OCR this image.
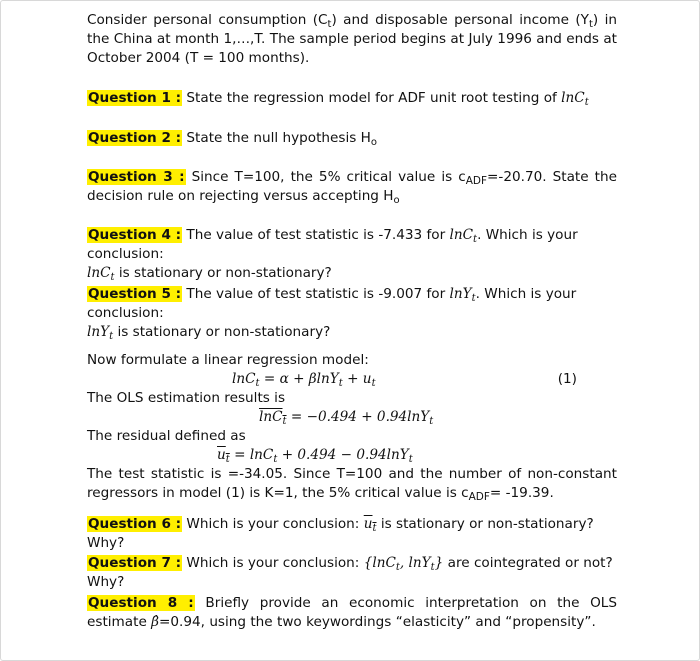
Consider personal consumption $(C_t)$ and disposable personal income $(Y_t)$ in the China at month 1,…,T. The sample period begins at July 1996 and ends at October 2004 (T = 100 months).

Question 1 : State the regression model for ADF unit root testing of lnC$_t$

Question 2 : State the null hypothesis $H_o$

Question 3 : Since T=100, the 5% critical value is $c_{ADF}=-20.70$. State the decision rule on rejecting versus accepting $H_o$

Question 4 : The value of test statistic is -7.433 for lnC$_t$. Which is your conclusion:
lnC$_t$ is stationary or non-stationary?

Question 5 : The value of test statistic is -9.007 for lnY$_t$. Which is your conclusion:
lnY$_t$ is stationary or non-stationary?

Now formulate a linear regression model:

$\ln C_t = \alpha + \beta\ln Y_t + u_t$	(1)

The OLS estimation results is

lnC$_t$ = −0.494 + 0.94lnY$_t$

The residual defined as

$u_t = \ln C_t + 0.494 - 0.94\ln Y_t$

The test statistic is =-34.05. Since T=100 and the number of non-constant regressors in model (1) is K=1, the 5% critical value is $c_{ADF}= -19.39$.

Question 6 : Which is your conclusion: $u_t$ is stationary or non-stationary? Why?

Question 7 : Which is your conclusion: {lnC$_t$, lnY$_t$} are cointegrated or not? Why?

Question 8 : Briefly provide an economic interpretation on the OLS estimate β̂=0.94, using the two keywordings “elasticity” and “propensity”.
